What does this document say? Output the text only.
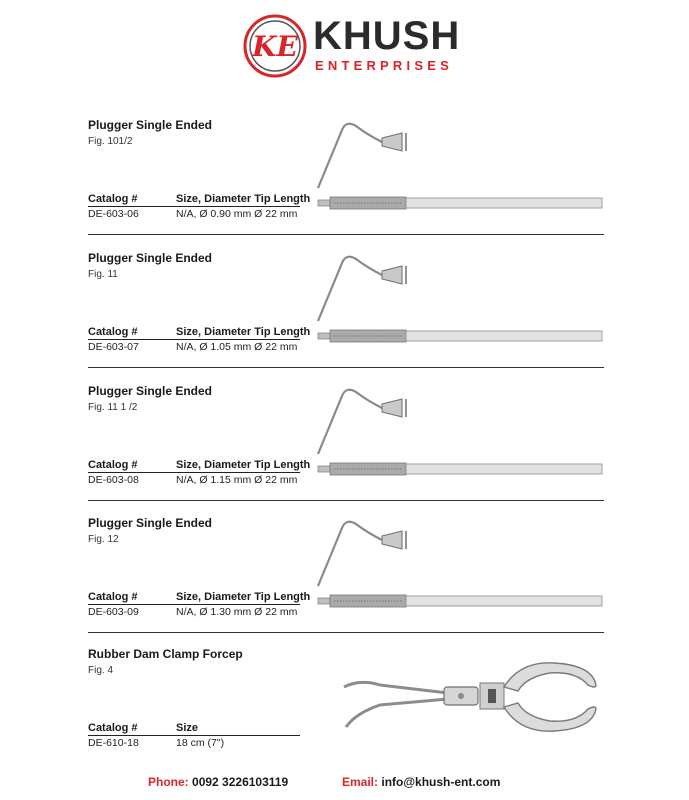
KE KHUSH
ENTERPRISES
Plugger Single Ended
Fig. 101/2
Catalog #	Size, Diameter Tip Length
DE-603-06	N/A, Ø 0.90 mm Ø 22 mm
Plugger Single Ended
Fig. 11
Catalog #	Size, Diameter Tip Length
DE-603-07	N/A, Ø 1.05 mm Ø 22 mm
Plugger Single Ended
Fig. 11 1 /2
Catalog #	Size, Diameter Tip Length
DE-603-08	N/A, Ø 1.15 mm Ø 22 mm
Plugger Single Ended
Fig. 12
Catalog #	Size, Diameter Tip Length
DE-603-09	N/A, Ø 1.30 mm Ø 22 mm
Rubber Dam Clamp Forcep
Fig. 4
Catalog #	Size
DE-610-18	18 cm (7")
Phone: 0092 3226103119	Email: info@khush-ent.com
